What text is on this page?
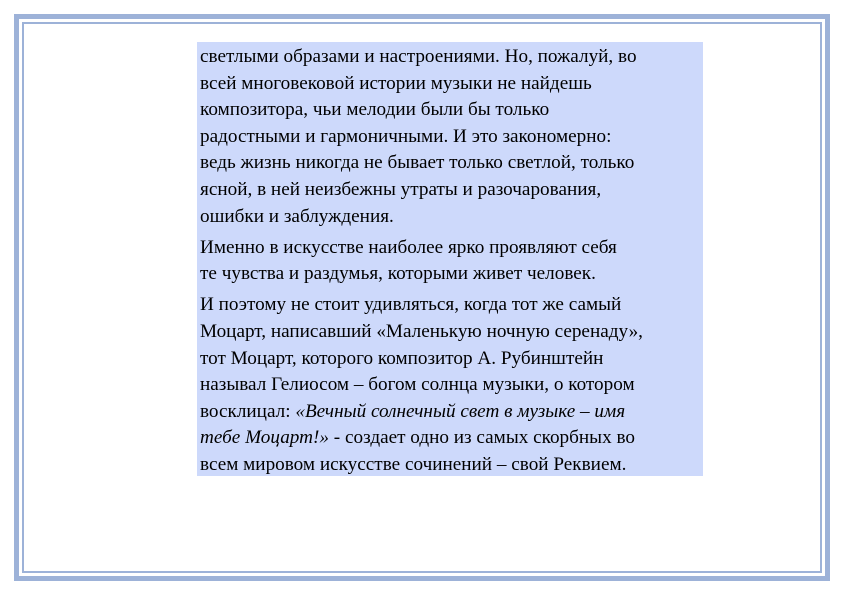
светлыми образами и настроениями. Но, пожалуй, во
всей многовековой истории музыки не найдешь
композитора, чьи мелодии были бы только
радостными и гармоничными. И это закономерно:
ведь жизнь никогда не бывает только светлой, только
ясной, в ней неизбежны утраты и разочарования,
ошибки и заблуждения.
Именно в искусстве наиболее ярко проявляют себя
те чувства и раздумья, которыми живет человек.
И поэтому не стоит удивляться, когда тот же самый
Моцарт, написавший «Маленькую ночную серенаду»,
тот Моцарт, которого композитор А. Рубинштейн
называл Гелиосом – богом солнца музыки, о котором
восклицал: «Вечный солнечный свет в музыке – имя
тебе Моцарт!» - создает одно из самых скорбных во
всем мировом искусстве сочинений – свой Реквием.
